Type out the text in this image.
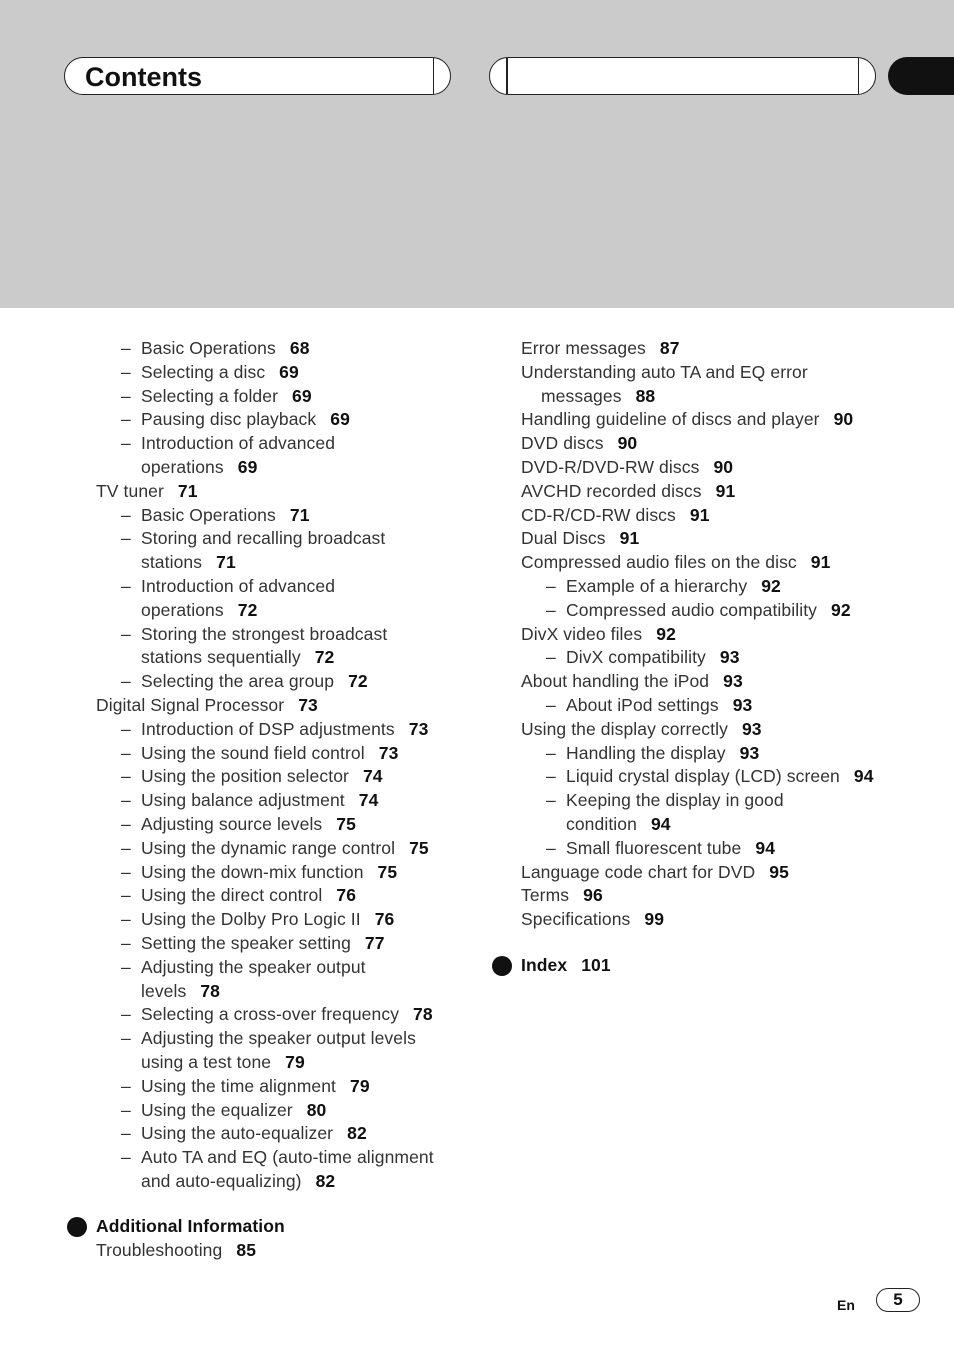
Contents
– Basic Operations 68
– Selecting a disc 69
– Selecting a folder 69
– Pausing disc playback 69
– Introduction of advanced
operations 69
TV tuner 71
– Basic Operations 71
– Storing and recalling broadcast
stations 71
– Introduction of advanced
operations 72
– Storing the strongest broadcast
stations sequentially 72
– Selecting the area group 72
Digital Signal Processor 73
– Introduction of DSP adjustments 73
– Using the sound field control 73
– Using the position selector 74
– Using balance adjustment 74
– Adjusting source levels 75
– Using the dynamic range control 75
– Using the down-mix function 75
– Using the direct control 76
– Using the Dolby Pro Logic II 76
– Setting the speaker setting 77
– Adjusting the speaker output
levels 78
– Selecting a cross-over frequency 78
– Adjusting the speaker output levels
using a test tone 79
– Using the time alignment 79
– Using the equalizer 80
– Using the auto-equalizer 82
– Auto TA and EQ (auto-time alignment
and auto-equalizing) 82
Additional Information
Troubleshooting 85
Error messages 87
Understanding auto TA and EQ error
messages 88
Handling guideline of discs and player 90
DVD discs 90
DVD-R/DVD-RW discs 90
AVCHD recorded discs 91
CD-R/CD-RW discs 91
Dual Discs 91
Compressed audio files on the disc 91
– Example of a hierarchy 92
– Compressed audio compatibility 92
DivX video files 92
– DivX compatibility 93
About handling the iPod 93
– About iPod settings 93
Using the display correctly 93
– Handling the display 93
– Liquid crystal display (LCD) screen 94
– Keeping the display in good
condition 94
– Small fluorescent tube 94
Language code chart for DVD 95
Terms 96
Specifications 99
Index 101
En	5
